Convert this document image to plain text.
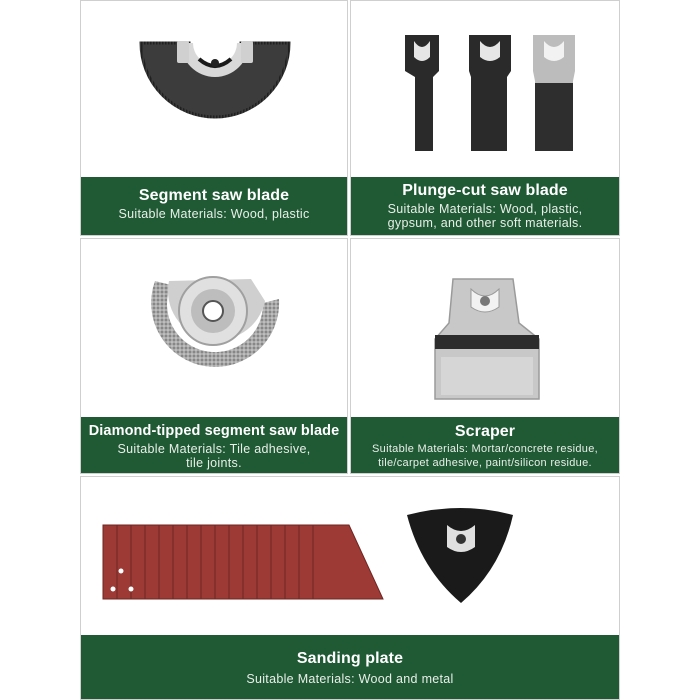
Segment saw blade
Suitable Materials: Wood, plastic
Plunge-cut saw blade
Suitable Materials: Wood, plastic,
gypsum, and other soft materials.
Diamond-tipped segment saw blade
Suitable Materials: Tile adhesive,
tile joints.
Scraper
Suitable Materials: Mortar/concrete residue,
tile/carpet adhesive, paint/silicon residue.
Sanding plate
Suitable Materials: Wood and metal
